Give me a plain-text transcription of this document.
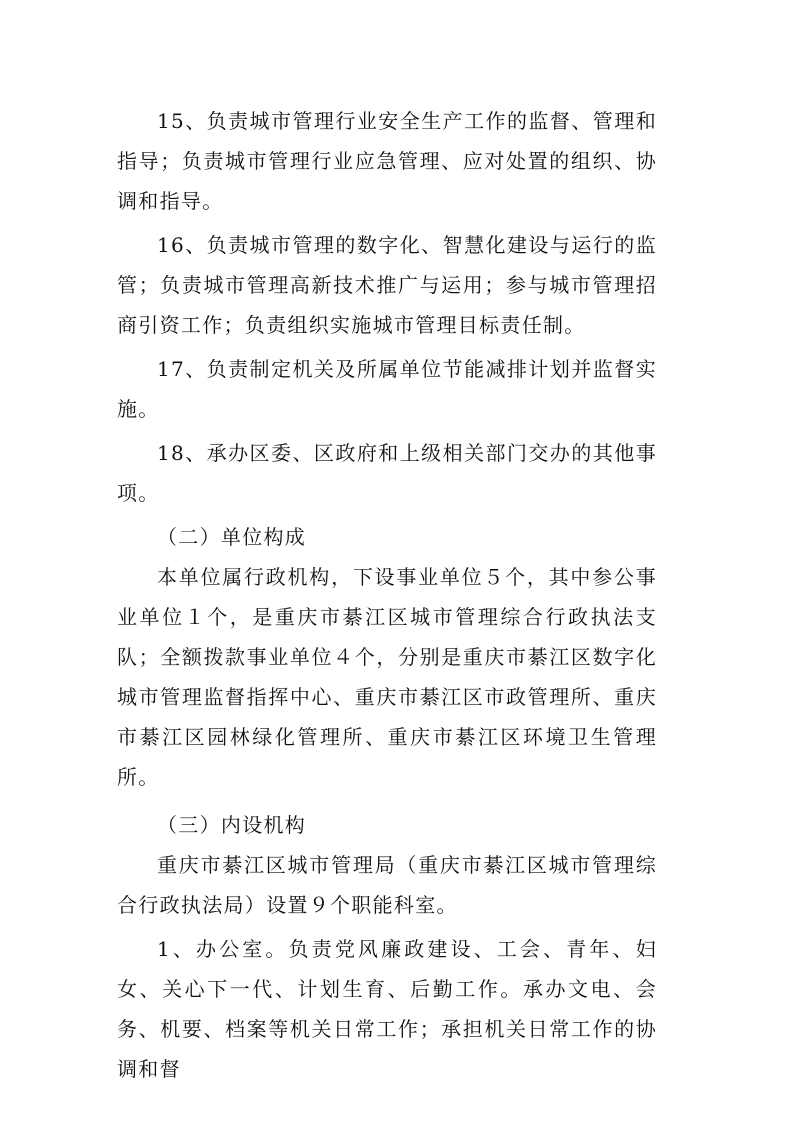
15、负责城市管理行业安全生产工作的监督、管理和指导；负责城市管理行业应急管理、应对处置的组织、协调和指导。

16、负责城市管理的数字化、智慧化建设与运行的监管；负责城市管理高新技术推广与运用；参与城市管理招商引资工作；负责组织实施城市管理目标责任制。

17、负责制定机关及所属单位节能减排计划并监督实施。

18、承办区委、区政府和上级相关部门交办的其他事项。

（二）单位构成

本单位属行政机构，下设事业单位５个，其中参公事业单位１个，是重庆市綦江区城市管理综合行政执法支队；全额拨款事业单位４个，分别是重庆市綦江区数字化城市管理监督指挥中心、重庆市綦江区市政管理所、重庆市綦江区园林绿化管理所、重庆市綦江区环境卫生管理所。

（三）内设机构

重庆市綦江区城市管理局（重庆市綦江区城市管理综合行政执法局）设置９个职能科室。

1、办公室。负责党风廉政建设、工会、青年、妇女、关心下一代、计划生育、后勤工作。承办文电、会务、机要、档案等机关日常工作；承担机关日常工作的协调和督
